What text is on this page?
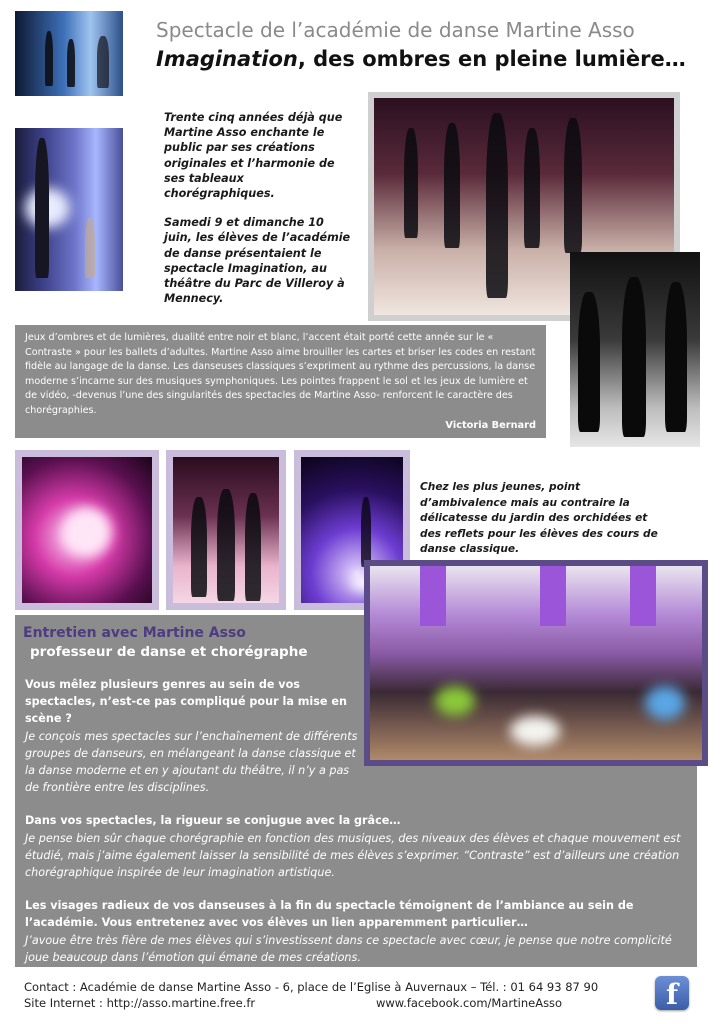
Spectacle de l’académie de danse Martine Asso
Imagination, des ombres en pleine lumière…

Trente cinq années déjà que Martine Asso enchante le public par ses créations originales et l’harmonie de ses tableaux chorégraphiques.

Samedi 9 et dimanche 10 juin, les élèves de l’académie de danse présentaient le spectacle Imagination, au théâtre du Parc de Villeroy à Mennecy.

Jeux d’ombres et de lumières, dualité entre noir et blanc, l’accent était porté cette année sur le « Contraste » pour les ballets d’adultes. Martine Asso aime brouiller les cartes et briser les codes en restant fidèle au langage de la danse. Les danseuses classiques s’expriment au rythme des percussions, la danse moderne s’incarne sur des musiques symphoniques. Les pointes frappent le sol et les jeux de lumière et de vidéo, -devenus l’une des singularités des spectacles de Martine Asso- renforcent le caractère des chorégraphies.
Victoria Bernard
Chez les plus jeunes, point d’ambivalence mais au contraire la délicatesse du jardin des orchidées et des reflets pour les élèves des cours de danse classique.
Entretien avec Martine Asso
professeur de danse et chorégraphe
Vous mêlez plusieurs genres au sein de vos spectacles, n’est-ce pas compliqué pour la mise en scène ?
Je conçois mes spectacles sur l’enchaînement de différents groupes de danseurs, en mélangeant la danse classique et la danse moderne et en y ajoutant du théâtre, il n’y a pas de frontière entre les disciplines.
Dans vos spectacles, la rigueur se conjugue avec la grâce…
Je pense bien sûr chaque chorégraphie en fonction des musiques, des niveaux des élèves et chaque mouvement est étudié, mais j’aime également laisser la sensibilité de mes élèves s’exprimer. “Contraste” est d’ailleurs une création chorégraphique inspirée de leur imagination artistique.
Les visages radieux de vos danseuses à la fin du spectacle témoignent de l’ambiance au sein de l’académie. Vous entretenez avec vos élèves un lien apparemment particulier…
J’avoue être très fière de mes élèves qui s’investissent dans ce spectacle avec cœur, je pense que notre complicité joue beaucoup dans l’émotion qui émane de mes créations.
Contact : Académie de danse Martine Asso - 6, place de l’Eglise à Auvernaux – Tél. : 01 64 93 87 90
Site Internet : http://asso.martine.free.fr	www.facebook.com/MartineAsso	f
